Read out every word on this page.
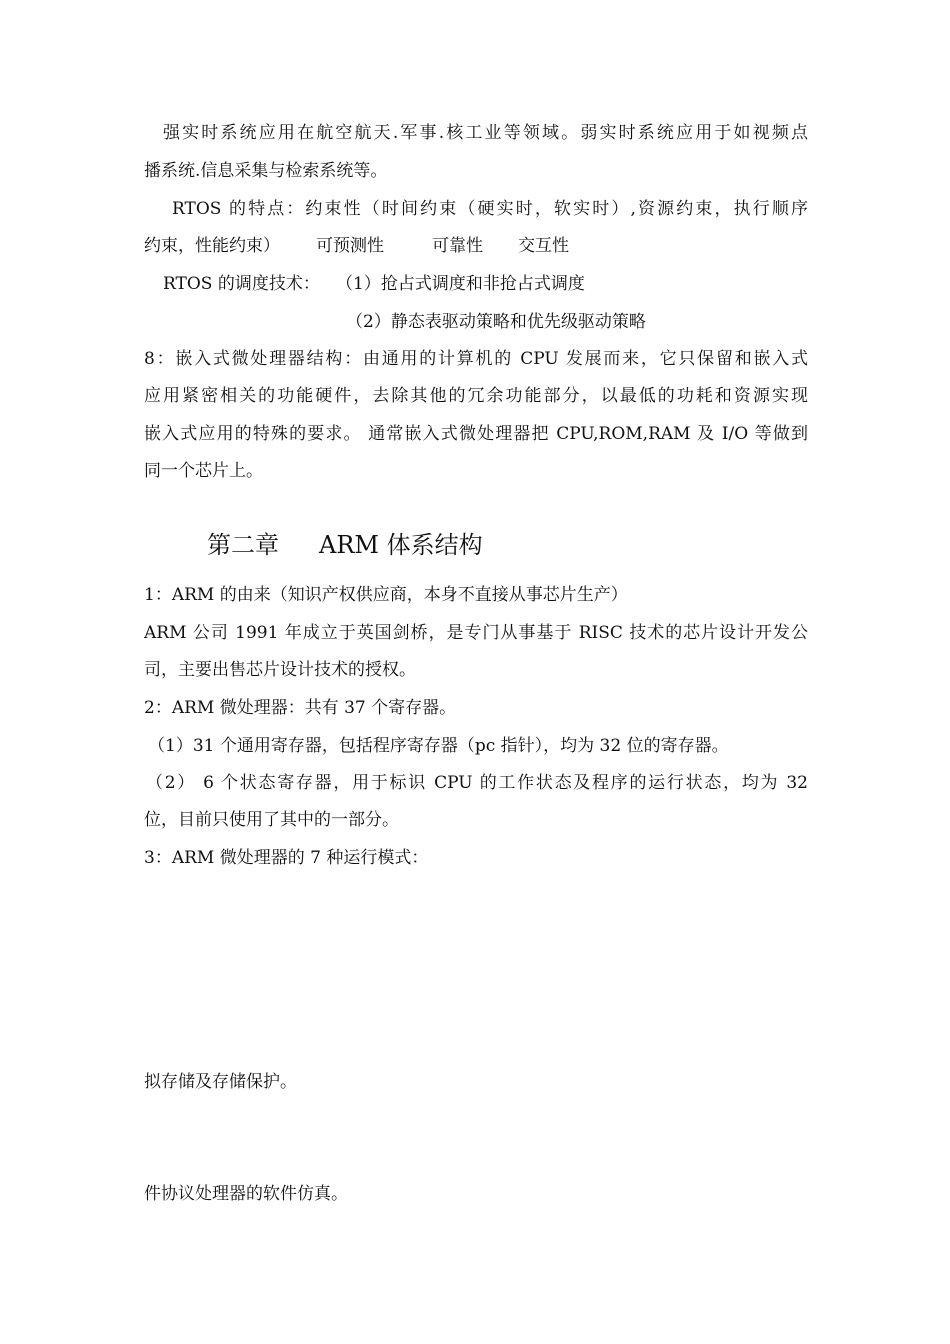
强实时系统应用在航空航天.军事.核工业等领域。弱实时系统应用于如视频点
播系统.信息采集与检索系统等。
RTOS 的特点：约束性（时间约束（硬实时，软实时）,资源约束，执行顺序
约束，性能约束） 可预测性	可靠性 交互性
RTOS 的调度技术： （1）抢占式调度和非抢占式调度
（2）静态表驱动策略和优先级驱动策略
8：嵌入式微处理器结构：由通用的计算机的 CPU 发展而来，它只保留和嵌入式
应用紧密相关的功能硬件，去除其他的冗余功能部分，以最低的功耗和资源实现
嵌入式应用的特殊的要求。 通常嵌入式微处理器把 CPU,ROM,RAM 及 I/O 等做到
同一个芯片上。
第二章 ARM 体系结构
1：ARM 的由来（知识产权供应商，本身不直接从事芯片生产）
ARM 公司 1991 年成立于英国剑桥，是专门从事基于 RISC 技术的芯片设计开发公
司，主要出售芯片设计技术的授权。
2：ARM 微处理器：共有 37 个寄存器。
（1）31 个通用寄存器，包括程序寄存器（pc 指针），均为 32 位的寄存器。
（2） 6 个状态寄存器，用于标识 CPU 的工作状态及程序的运行状态，均为 32
位，目前只使用了其中的一部分。
3：ARM 微处理器的 7 种运行模式：
拟存储及存储保护。
件协议处理器的软件仿真。
